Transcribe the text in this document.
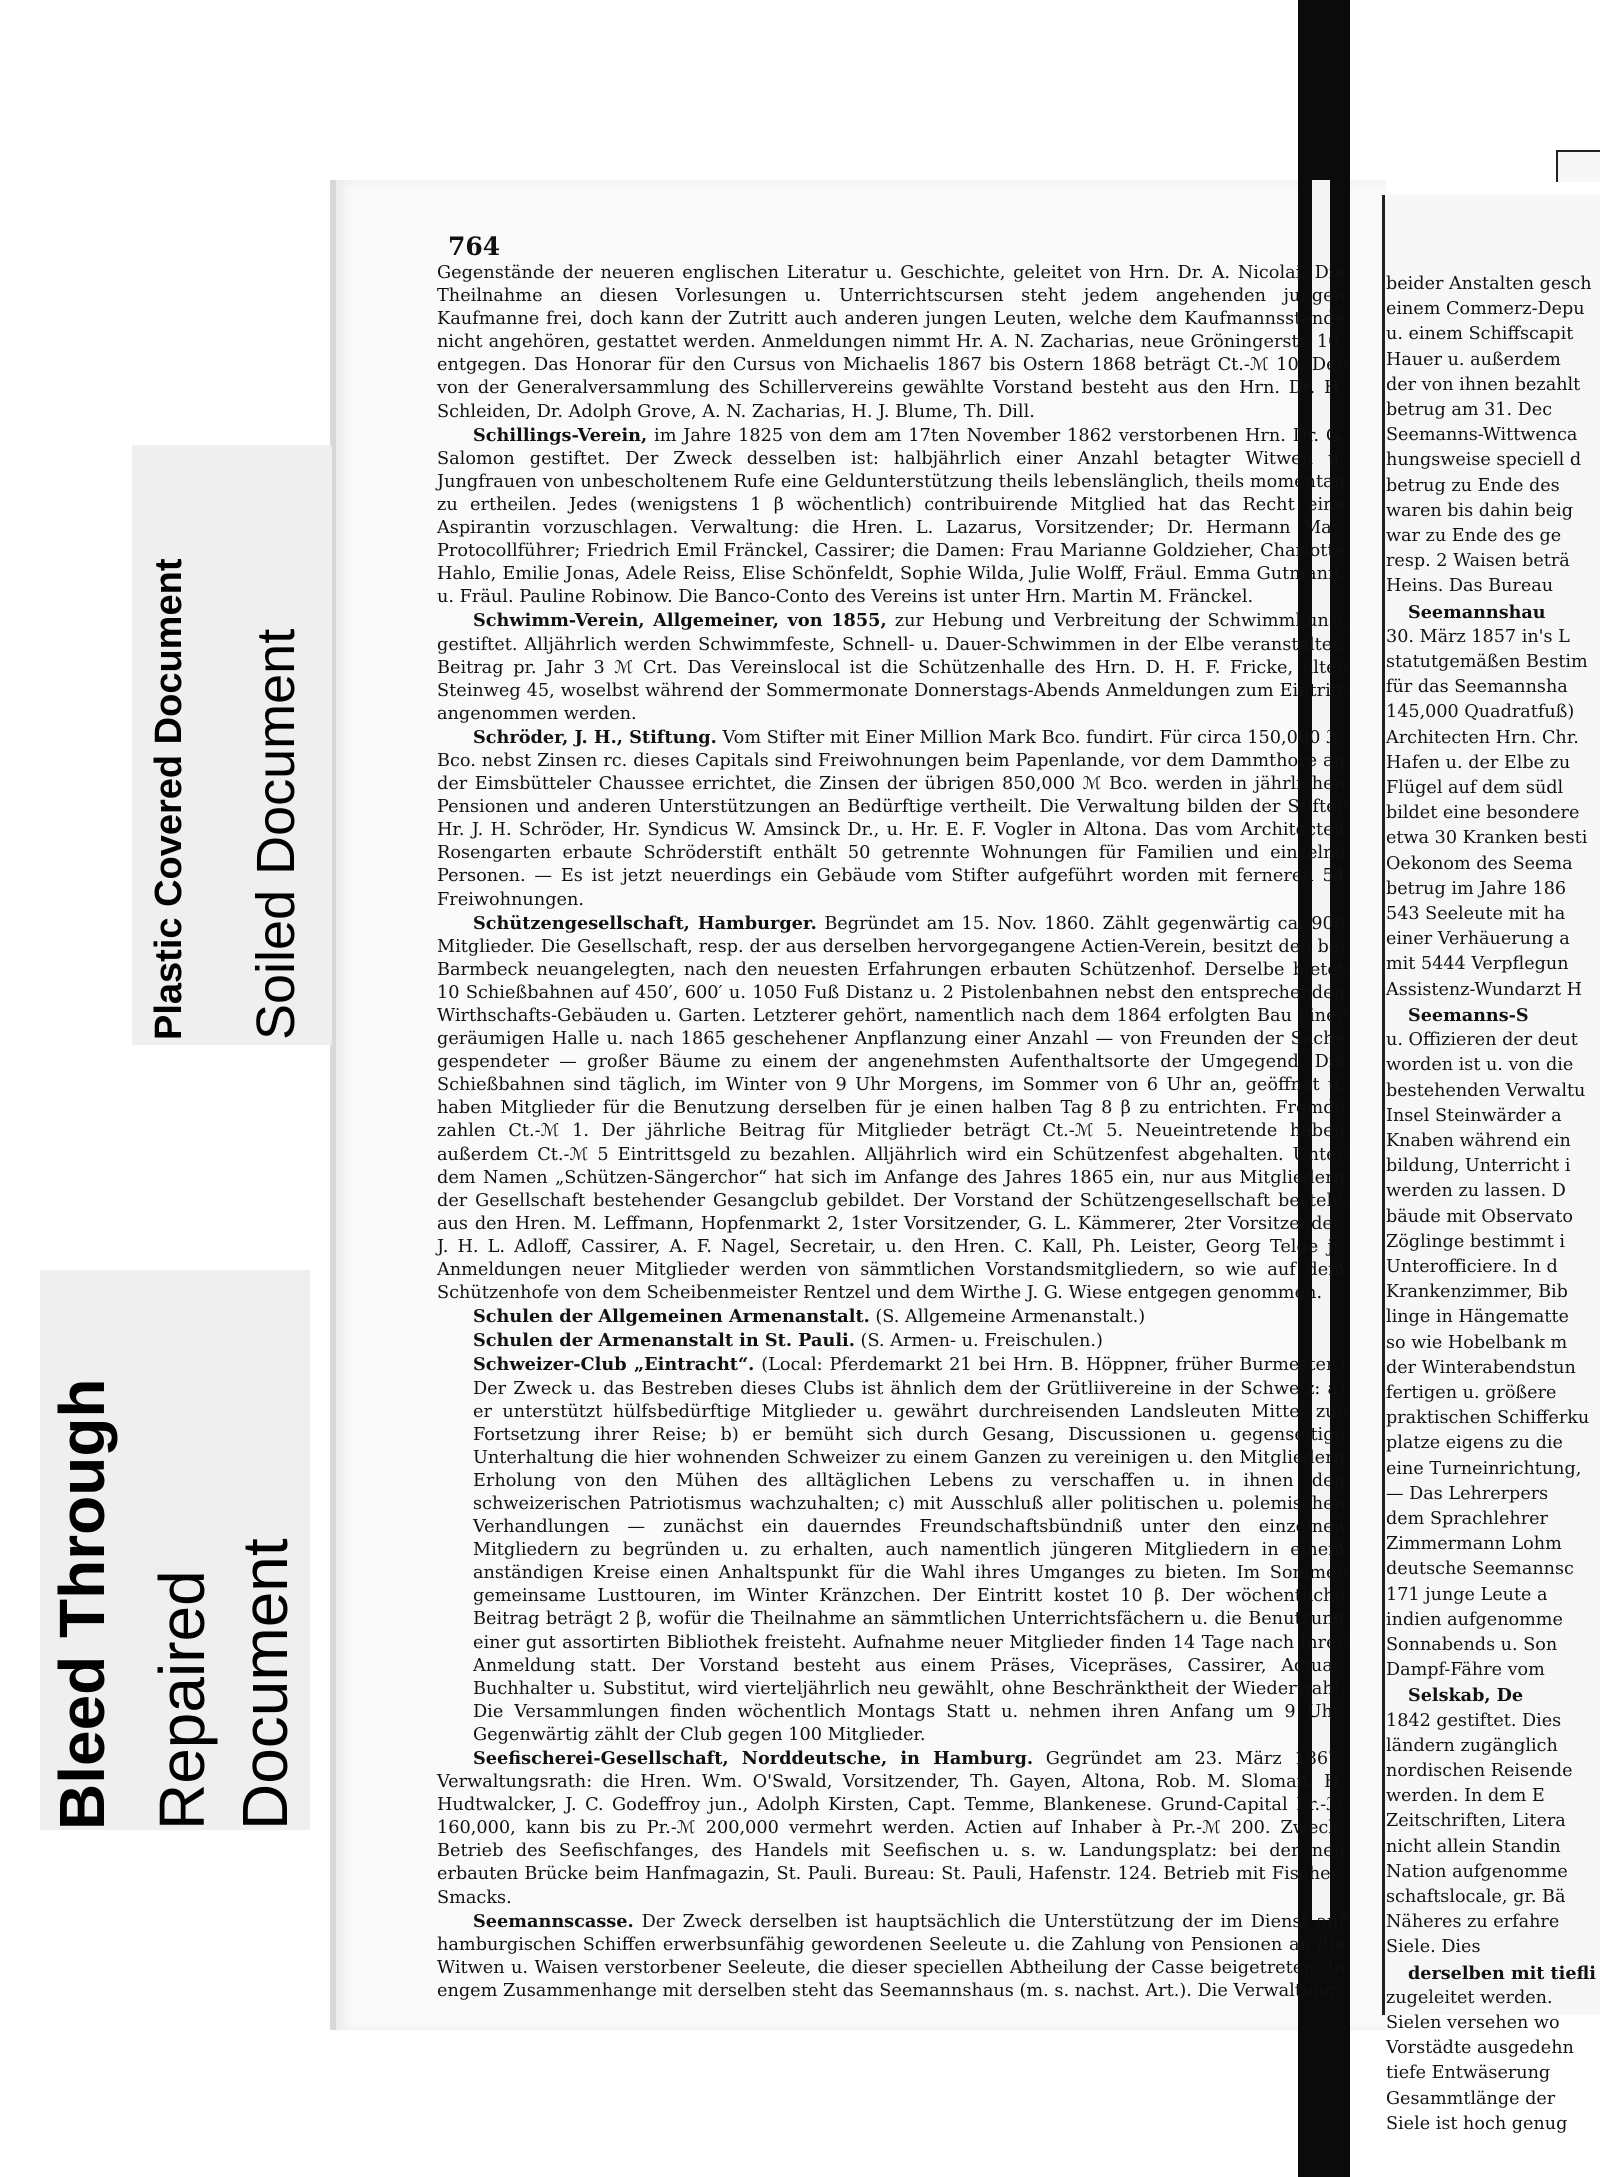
Plastic Covered Document Soiled Document
Bleed Through Repaired Document
764

Gegenstände der neueren englischen Literatur u. Geschichte, geleitet von Hrn. Dr. A. Nicolai. Die Theilnahme an diesen Vorlesungen u. Unterrichtscursen steht jedem angehenden jungen Kaufmanne frei, doch kann der Zutritt auch anderen jungen Leuten, welche dem Kaufmannsstande nicht angehören, gestattet werden. Anmeldungen nimmt Hr. A. N. Zacharias, neue Gröningerstr. 10, entgegen. Das Honorar für den Cursus von Michaelis 1867 bis Ostern 1868 beträgt Ct.-ℳ 10. Der von der Generalversammlung des Schillervereins gewählte Vorstand besteht aus den Hrn. Dr. H. Schleiden, Dr. Adolph Grove, A. N. Zacharias, H. J. Blume, Th. Dill.

Schillings-Verein, im Jahre 1825 von dem am 17ten November 1862 verstorbenen Hrn. Dr. G. Salomon gestiftet. Der Zweck desselben ist: halbjährlich einer Anzahl betagter Witwen u. Jungfrauen von unbescholtenem Rufe eine Geldunterstützung theils lebenslänglich, theils momentan zu ertheilen. Jedes (wenigstens 1 β wöchentlich) contribuirende Mitglied hat das Recht eine Aspirantin vorzuschlagen. Verwaltung: die Hren. L. Lazarus, Vorsitzender; Dr. Hermann May, Protocollführer; Friedrich Emil Fränckel, Cassirer; die Damen: Frau Marianne Goldzieher, Charlotte Hahlo, Emilie Jonas, Adele Reiss, Elise Schönfeldt, Sophie Wilda, Julie Wolff, Fräul. Emma Gutmann, u. Fräul. Pauline Robinow. Die Banco-Conto des Vereins ist unter Hrn. Martin M. Fränckel.

Schwimm-Verein, Allgemeiner, von 1855, zur Hebung und Verbreitung der Schwimmkunst gestiftet. Alljährlich werden Schwimmfeste, Schnell- u. Dauer-Schwimmen in der Elbe veranstaltet. Beitrag pr. Jahr 3 ℳ Crt. Das Vereinslocal ist die Schützenhalle des Hrn. D. H. F. Fricke, alter Steinweg 45, woselbst während der Sommermonate Donnerstags-Abends Anmeldungen zum Eintritt angenommen werden.

Schröder, J. H., Stiftung. Vom Stifter mit Einer Million Mark Bco. fundirt. Für circa 150,000 ℳ Bco. nebst Zinsen rc. dieses Capitals sind Freiwohnungen beim Papenlande, vor dem Dammthore an der Eimsbütteler Chaussee errichtet, die Zinsen der übrigen 850,000 ℳ Bco. werden in jährlichen Pensionen und anderen Unterstützungen an Bedürftige vertheilt. Die Verwaltung bilden der Stifter Hr. J. H. Schröder, Hr. Syndicus W. Amsinck Dr., u. Hr. E. F. Vogler in Altona. Das vom Architecten Rosengarten erbaute Schröderstift enthält 50 getrennte Wohnungen für Familien und einzelne Personen. — Es ist jetzt neuerdings ein Gebäude vom Stifter aufgeführt worden mit ferneren 54 Freiwohnungen.

Schützengesellschaft, Hamburger. Begründet am 15. Nov. 1860. Zählt gegenwärtig ca. 900 Mitglieder. Die Gesellschaft, resp. der aus derselben hervorgegangene Actien-Verein, besitzt den bei Barmbeck neuangelegten, nach den neuesten Erfahrungen erbauten Schützenhof. Derselbe bietet 10 Schießbahnen auf 450′, 600′ u. 1050 Fuß Distanz u. 2 Pistolenbahnen nebst den entsprechenden Wirthschafts-Gebäuden u. Garten. Letzterer gehört, namentlich nach dem 1864 erfolgten Bau einer geräumigen Halle u. nach 1865 geschehener Anpflanzung einer Anzahl — von Freunden der Sache gespendeter — großer Bäume zu einem der angenehmsten Aufenthaltsorte der Umgegend. Die Schießbahnen sind täglich, im Winter von 9 Uhr Morgens, im Sommer von 6 Uhr an, geöffnet u. haben Mitglieder für die Benutzung derselben für je einen halben Tag 8 β zu entrichten. Fremde zahlen Ct.-ℳ 1. Der jährliche Beitrag für Mitglieder beträgt Ct.-ℳ 5. Neueintretende haben außerdem Ct.-ℳ 5 Eintrittsgeld zu bezahlen. Alljährlich wird ein Schützenfest abgehalten. Unter dem Namen „Schützen-Sängerchor“ hat sich im Anfange des Jahres 1865 ein, nur aus Mitgliedern der Gesellschaft bestehender Gesangclub gebildet. Der Vorstand der Schützengesellschaft besteht aus den Hren. M. Leffmann, Hopfenmarkt 2, 1ster Vorsitzender, G. L. Kämmerer, 2ter Vorsitzender, J. H. L. Adloff, Cassirer, A. F. Nagel, Secretair, u. den Hren. C. Kall, Ph. Leister, Georg Telge jr. Anmeldungen neuer Mitglieder werden von sämmtlichen Vorstandsmitgliedern, so wie auf dem Schützenhofe von dem Scheibenmeister Rentzel und dem Wirthe J. G. Wiese entgegen genommen.

Schulen der Allgemeinen Armenanstalt. (S. Allgemeine Armenanstalt.)

Schulen der Armenanstalt in St. Pauli. (S. Armen- u. Freischulen.)

Schweizer-Club „Eintracht“. (Local: Pferdemarkt 21 bei Hrn. B. Höppner, früher Burmester.) Der Zweck u. das Bestreben dieses Clubs ist ähnlich dem der Grütliivereine in der Schweiz: a) er unterstützt hülfsbedürftige Mitglieder u. gewährt durchreisenden Landsleuten Mittel zur Fortsetzung ihrer Reise; b) er bemüht sich durch Gesang, Discussionen u. gegenseitige Unterhaltung die hier wohnenden Schweizer zu einem Ganzen zu vereinigen u. den Mitgliedern Erholung von den Mühen des alltäglichen Lebens zu verschaffen u. in ihnen den schweizerischen Patriotismus wachzuhalten; c) mit Ausschluß aller politischen u. polemischen Verhandlungen — zunächst ein dauerndes Freundschaftsbündniß unter den einzelnen Mitgliedern zu begründen u. zu erhalten, auch namentlich jüngeren Mitgliedern in einem anständigen Kreise einen Anhaltspunkt für die Wahl ihres Umganges zu bieten. Im Sommer gemeinsame Lusttouren, im Winter Kränzchen. Der Eintritt kostet 10 β. Der wöchentliche Beitrag beträgt 2 β, wofür die Theilnahme an sämmtlichen Unterrichtsfächern u. die Benutzung einer gut assortirten Bibliothek freisteht. Aufnahme neuer Mitglieder finden 14 Tage nach ihrer Anmeldung statt. Der Vorstand besteht aus einem Präses, Vicepräses, Cassirer, Actuar, Buchhalter u. Substitut, wird vierteljährlich neu gewählt, ohne Beschränktheit der Wiederwahl. Die Versammlungen finden wöchentlich Montags Statt u. nehmen ihren Anfang um 9 Uhr. Gegenwärtig zählt der Club gegen 100 Mitglieder.

Seefischerei-Gesellschaft, Norddeutsche, in Hamburg. Gegründet am 23. März 1867. Verwaltungsrath: die Hren. Wm. O'Swald, Vorsitzender, Th. Gayen, Altona, Rob. M. Sloman, H. Hudtwalcker, J. C. Godeffroy jun., Adolph Kirsten, Capt. Temme, Blankenese. Grund-Capital Pr.-ℳ 160,000, kann bis zu Pr.-ℳ 200,000 vermehrt werden. Actien auf Inhaber à Pr.-ℳ 200. Zweck: Betrieb des Seefischfanges, des Handels mit Seefischen u. s. w. Landungsplatz: bei der neu erbauten Brücke beim Hanfmagazin, St. Pauli. Bureau: St. Pauli, Hafenstr. 124. Betrieb mit Fischer-Smacks.

Seemannscasse. Der Zweck derselben ist hauptsächlich die Unterstützung der im Dienst auf hamburgischen Schiffen erwerbsunfähig gewordenen Seeleute u. die Zahlung von Pensionen an die Witwen u. Waisen verstorbener Seeleute, die dieser speciellen Abtheilung der Casse beigetreten. In engem Zusammenhange mit derselben steht das Seemannshaus (m. s. nachst. Art.). Die Verwaltung

beider Anstalten gesch
einem Commerz-Depu
u. einem Schiffscapit
Hauer u. außerdem
der von ihnen bezahlt
betrug am 31. Dec
Seemanns-Wittwenca
hungsweise speciell d
betrug zu Ende des
waren bis dahin beig
war zu Ende des ge
resp. 2 Waisen beträ
Heins. Das Bureau
Seemannshau
30. März 1857 in's L
statutgemäßen Bestim
für das Seemannsha
145,000 Quadratfuß)
Architecten Hrn. Chr.
Hafen u. der Elbe zu
Flügel auf dem südl
bildet eine besondere
etwa 30 Kranken besti
Oekonom des Seema
betrug im Jahre 186
543 Seeleute mit ha
einer Verhäuerung a
mit 5444 Verpflegun
Assistenz-Wundarzt H
Seemanns-S
u. Offizieren der deut
worden ist u. von die
bestehenden Verwaltu
Insel Steinwärder a
Knaben während ein
bildung, Unterricht i
werden zu lassen. D
bäude mit Observato
Zöglinge bestimmt i
Unterofficiere. In d
Krankenzimmer, Bib
linge in Hängematte
so wie Hobelbank m
der Winterabendstun
fertigen u. größere
praktischen Schifferku
platze eigens zu die
eine Turneinrichtung,
— Das Lehrerpers
dem Sprachlehrer
Zimmermann Lohm
deutsche Seemannsc
171 junge Leute a
indien aufgenomme
Sonnabends u. Son
Dampf-Fähre vom
Selskab, De
1842 gestiftet. Dies
ländern zugänglich
nordischen Reisende
werden. In dem E
Zeitschriften, Litera
nicht allein Standin
Nation aufgenomme
schaftslocale, gr. Bä
Näheres zu erfahre
Siele. Dies
derselben mit tiefli
zugeleitet werden.
Sielen versehen wo
Vorstädte ausgedehn
tiefe Entwäserung
Gesammtlänge der
Siele ist hoch genug
